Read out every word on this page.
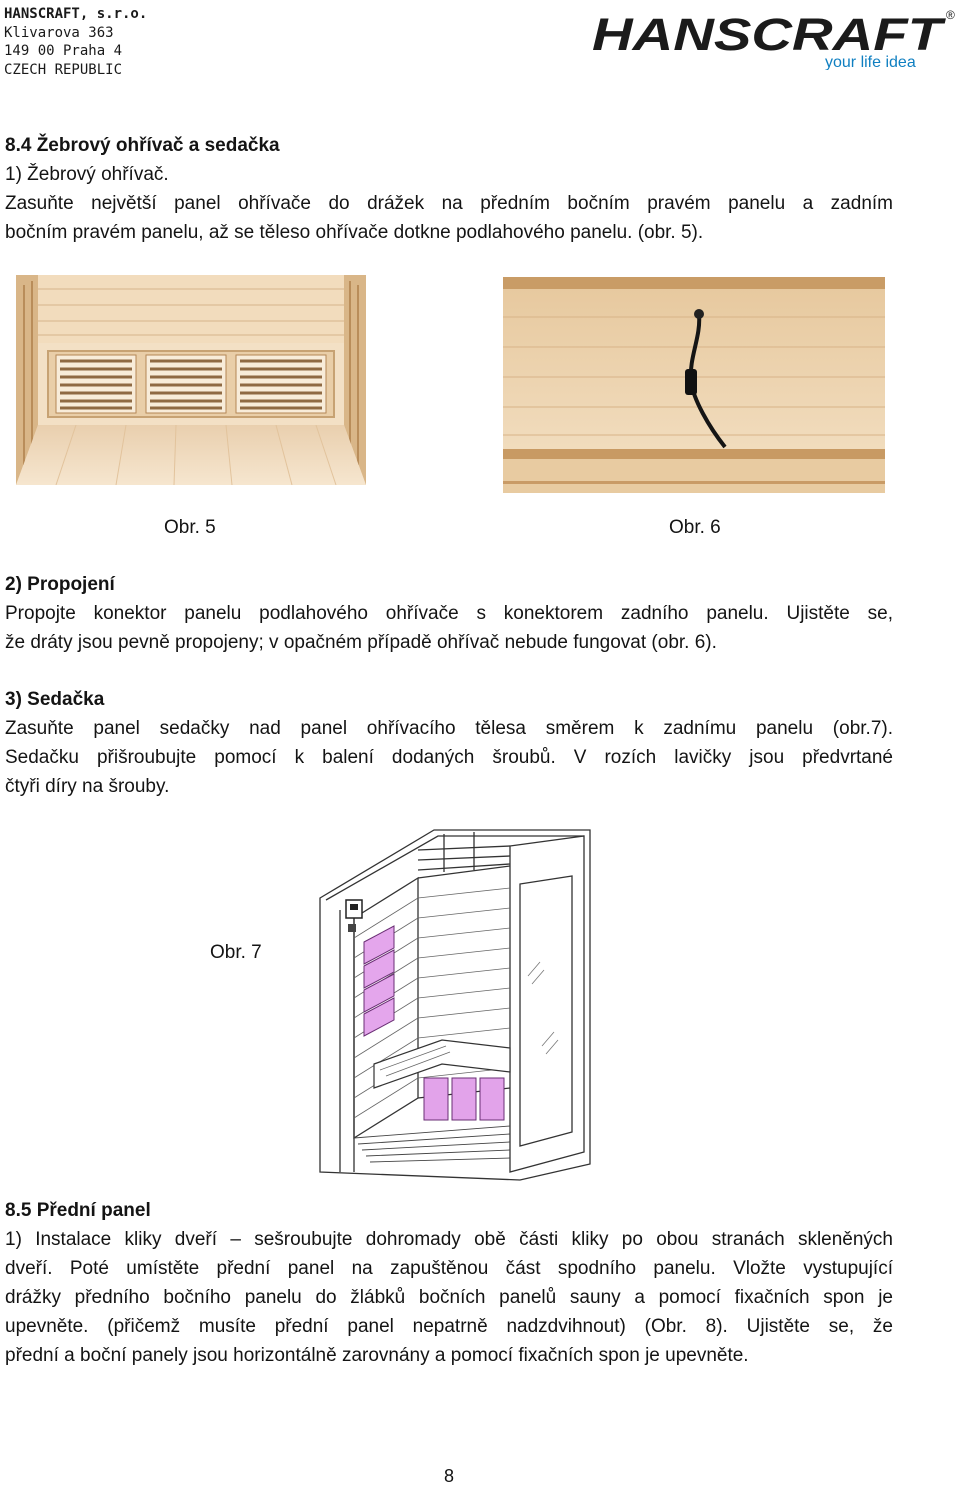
HANSCRAFT, s.r.o.
Klivarova 363
149 00 Praha 4
CZECH REPUBLIC
HANSCRAFT ®
your life idea
8.4 Žebrový ohřívač a sedačka
1) Žebrový ohřívač.
Zasuňte největší panel ohřívače do drážek na předním bočním pravém panelu a zadním
bočním pravém panelu, až se těleso ohřívače dotkne podlahového panelu. (obr. 5).
Obr. 5	Obr. 6
2) Propojení
Propojte konektor panelu podlahového ohřívače s konektorem zadního panelu. Ujistěte se,
že dráty jsou pevně propojeny; v opačném případě ohřívač nebude fungovat (obr. 6).
3) Sedačka
Zasuňte panel sedačky nad panel ohřívacího tělesa směrem k zadnímu panelu (obr.7).
Sedačku přišroubujte pomocí k balení dodaných šroubů. V rozích lavičky jsou předvrtané
čtyři díry na šrouby.
Obr. 7
8.5 Přední panel
1) Instalace kliky dveří – sešroubujte dohromady obě části kliky po obou stranách skleněných
dveří. Poté umístěte přední panel na zapuštěnou část spodního panelu. Vložte vystupující
drážky předního bočního panelu do žlábků bočních panelů sauny a pomocí fixačních spon je
upevněte. (přičemž musíte přední panel nepatrně nadzdvihnout) (Obr. 8). Ujistěte se, že
přední a boční panely jsou horizontálně zarovnány a pomocí fixačních spon je upevněte.
8
